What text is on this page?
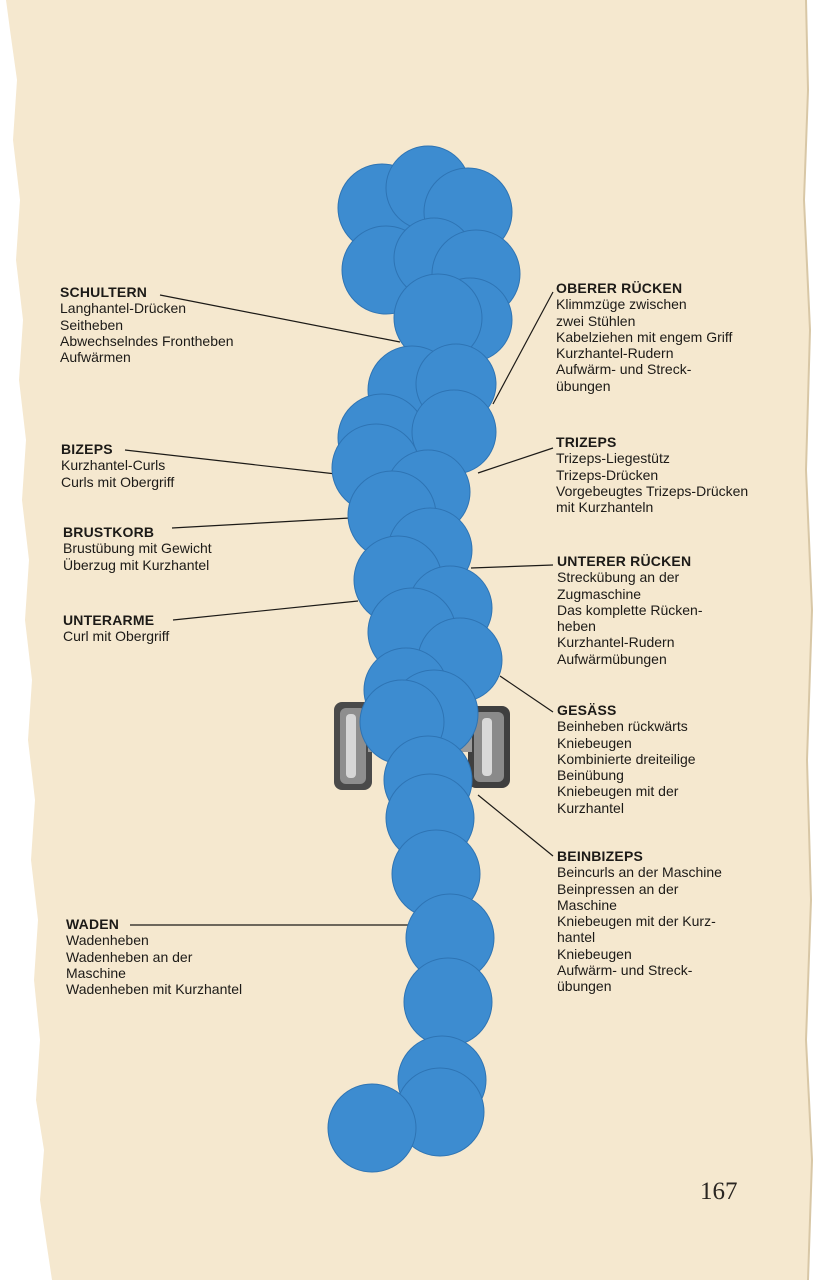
SCHULTERN
Langhantel-Drücken
Seitheben
Abwechselndes Frontheben
Aufwärmen
BIZEPS
Kurzhantel-Curls
Curls mit Obergriff
BRUSTKORB
Brustübung mit Gewicht
Überzug mit Kurzhantel
UNTERARME
Curl mit Obergriff
WADEN
Wadenheben
Wadenheben an der
Maschine
Wadenheben mit Kurzhantel
OBERER RÜCKEN
Klimmzüge zwischen
zwei Stühlen
Kabelziehen mit engem Griff
Kurzhantel-Rudern
Aufwärm- und Streck-
übungen
TRIZEPS
Trizeps-Liegestütz
Trizeps-Drücken
Vorgebeugtes Trizeps-Drücken
mit Kurzhanteln
UNTERER RÜCKEN
Streckübung an der
Zugmaschine
Das komplette Rücken-
heben
Kurzhantel-Rudern
Aufwärmübungen
GESÄSS
Beinheben rückwärts
Kniebeugen
Kombinierte dreiteilige
Beinübung
Kniebeugen mit der
Kurzhantel
BEINBIZEPS
Beincurls an der Maschine
Beinpressen an der
Maschine
Kniebeugen mit der Kurz-
hantel
Kniebeugen
Aufwärm- und Streck-
übungen
167
